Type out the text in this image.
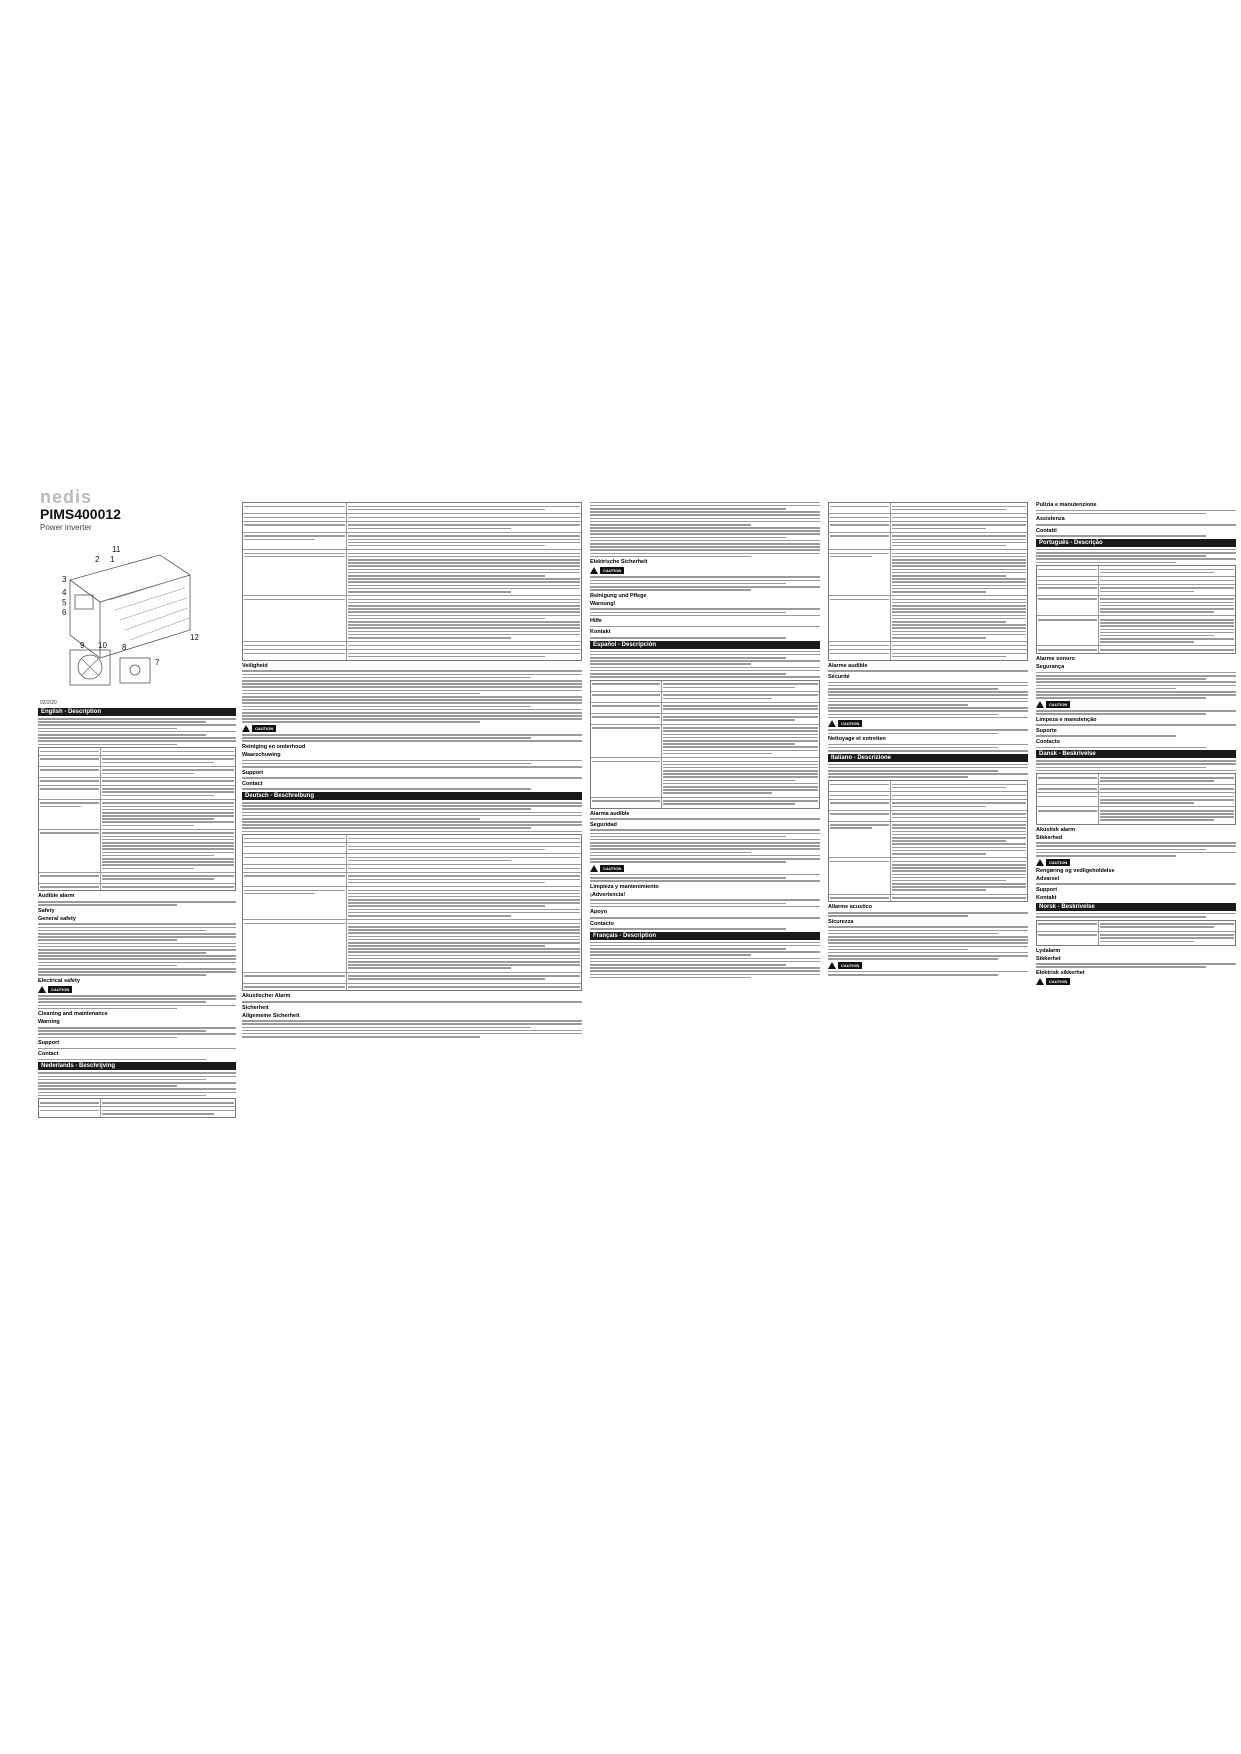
nedis
PIMS400012
Power inverter
11
2 1
3
4
5
6
12
9 10 8
7
02/2/20
English - Description
Audible alarm
Safety
General safety
Electrical safety
CAUTION
Cleaning and maintenance
Warning
Support
Contact
Nederlands - Beschrijving
Veiligheid
CAUTION
Reiniging en onderhoud
Waarschuwing
Support
Contact
Deutsch - Beschreibung
Akustischer Alarm
Sicherheit
Allgemeine Sicherheit
Elektrische Sicherheit
CAUTION
Reinigung und Pflege
Warnung!
Hilfe
Kontakt
Español - Descripción
Alarma audible
Seguridad
CAUTION
Limpieza y mantenimiento
¡Advertencia!
Apoyo
Contacto
Français - Description
Alarme audible
Sécurité
CAUTION
Nettoyage et entretien
Italiano - Descrizione
Allarme acustico
Sicurezza
CAUTION
Pulizia e manutenzione
Assistenza
Contatti
Português - Descrição
Alarme sonoro
Segurança
CAUTION
Limpeza e manutenção
Suporte
Contacto
Dansk - Beskrivelse
Akustisk alarm
Sikkerhed
CAUTION
Rengøring og vedligeholdelse
Advarsel
Support
Kontakt
Norsk - Beskrivelse
Lydalarm
Sikkerhet
Elektrisk sikkerhet
CAUTION
